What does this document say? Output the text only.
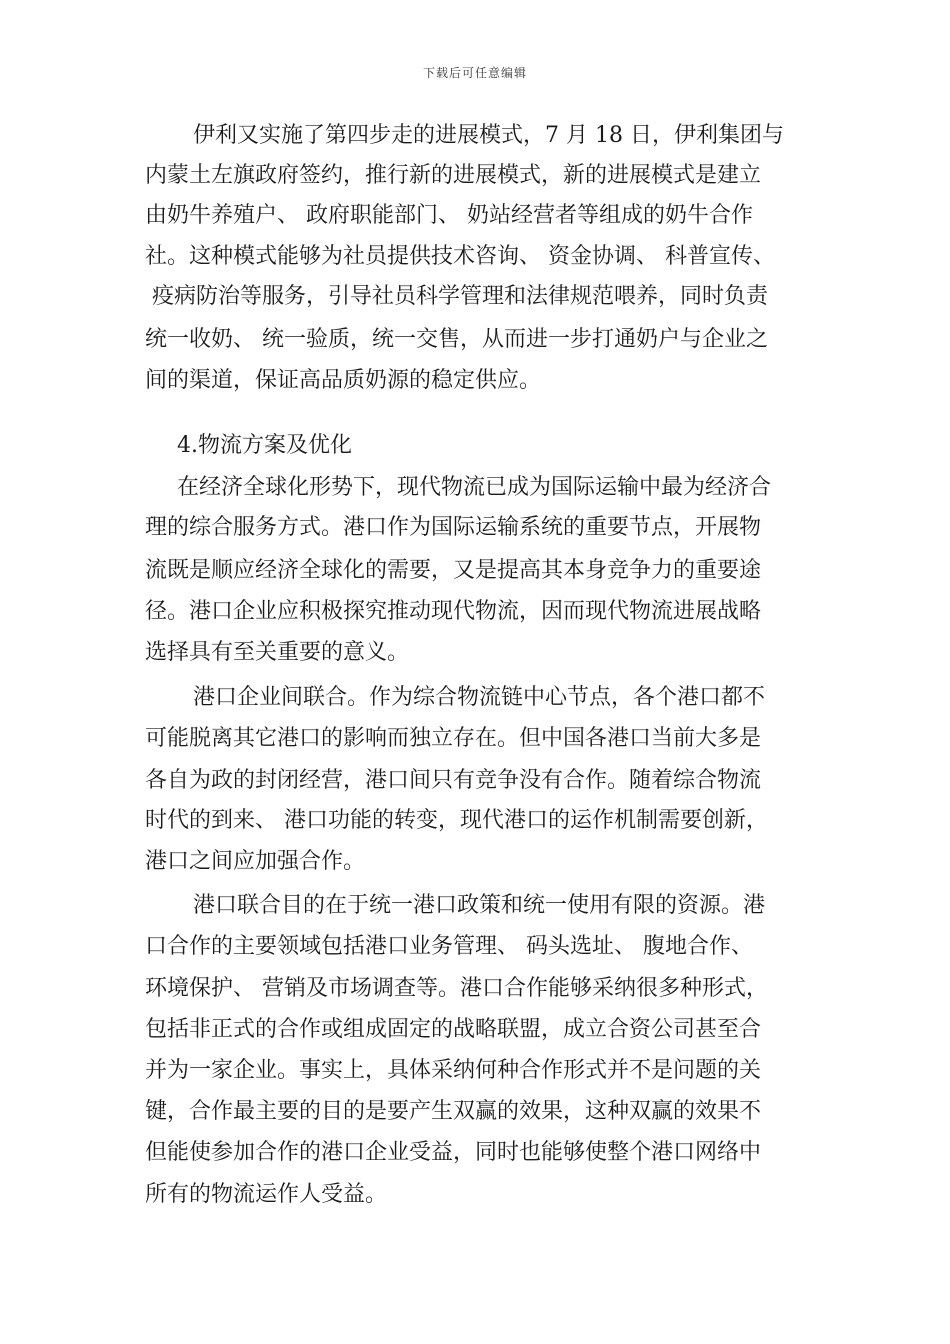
下载后可任意编辑
伊利又实施了第四步走的进展模式，7 月 18 日，伊利集团与
内蒙土左旗政府签约，推行新的进展模式，新的进展模式是建立
由奶牛养殖户、 政府职能部门、 奶站经营者等组成的奶牛合作
社。这种模式能够为社员提供技术咨询、 资金协调、 科普宣传、
疫病防治等服务，引导社员科学管理和法律规范喂养，同时负责
统一收奶、 统一验质，统一交售，从而进一步打通奶户与企业之
间的渠道，保证高品质奶源的稳定供应。
4.物流方案及优化
在经济全球化形势下，现代物流已成为国际运输中最为经济合
理的综合服务方式。港口作为国际运输系统的重要节点，开展物
流既是顺应经济全球化的需要，又是提高其本身竞争力的重要途
径。港口企业应积极探究推动现代物流，因而现代物流进展战略
选择具有至关重要的意义。
港口企业间联合。作为综合物流链中心节点，各个港口都不
可能脱离其它港口的影响而独立存在。但中国各港口当前大多是
各自为政的封闭经营，港口间只有竞争没有合作。随着综合物流
时代的到来、 港口功能的转变，现代港口的运作机制需要创新，
港口之间应加强合作。
港口联合目的在于统一港口政策和统一使用有限的资源。港
口合作的主要领域包括港口业务管理、 码头选址、 腹地合作、
环境保护、 营销及市场调查等。港口合作能够采纳很多种形式，
包括非正式的合作或组成固定的战略联盟，成立合资公司甚至合
并为一家企业。事实上，具体采纳何种合作形式并不是问题的关
键，合作最主要的目的是要产生双赢的效果，这种双赢的效果不
但能使参加合作的港口企业受益，同时也能够使整个港口网络中
所有的物流运作人受益。
